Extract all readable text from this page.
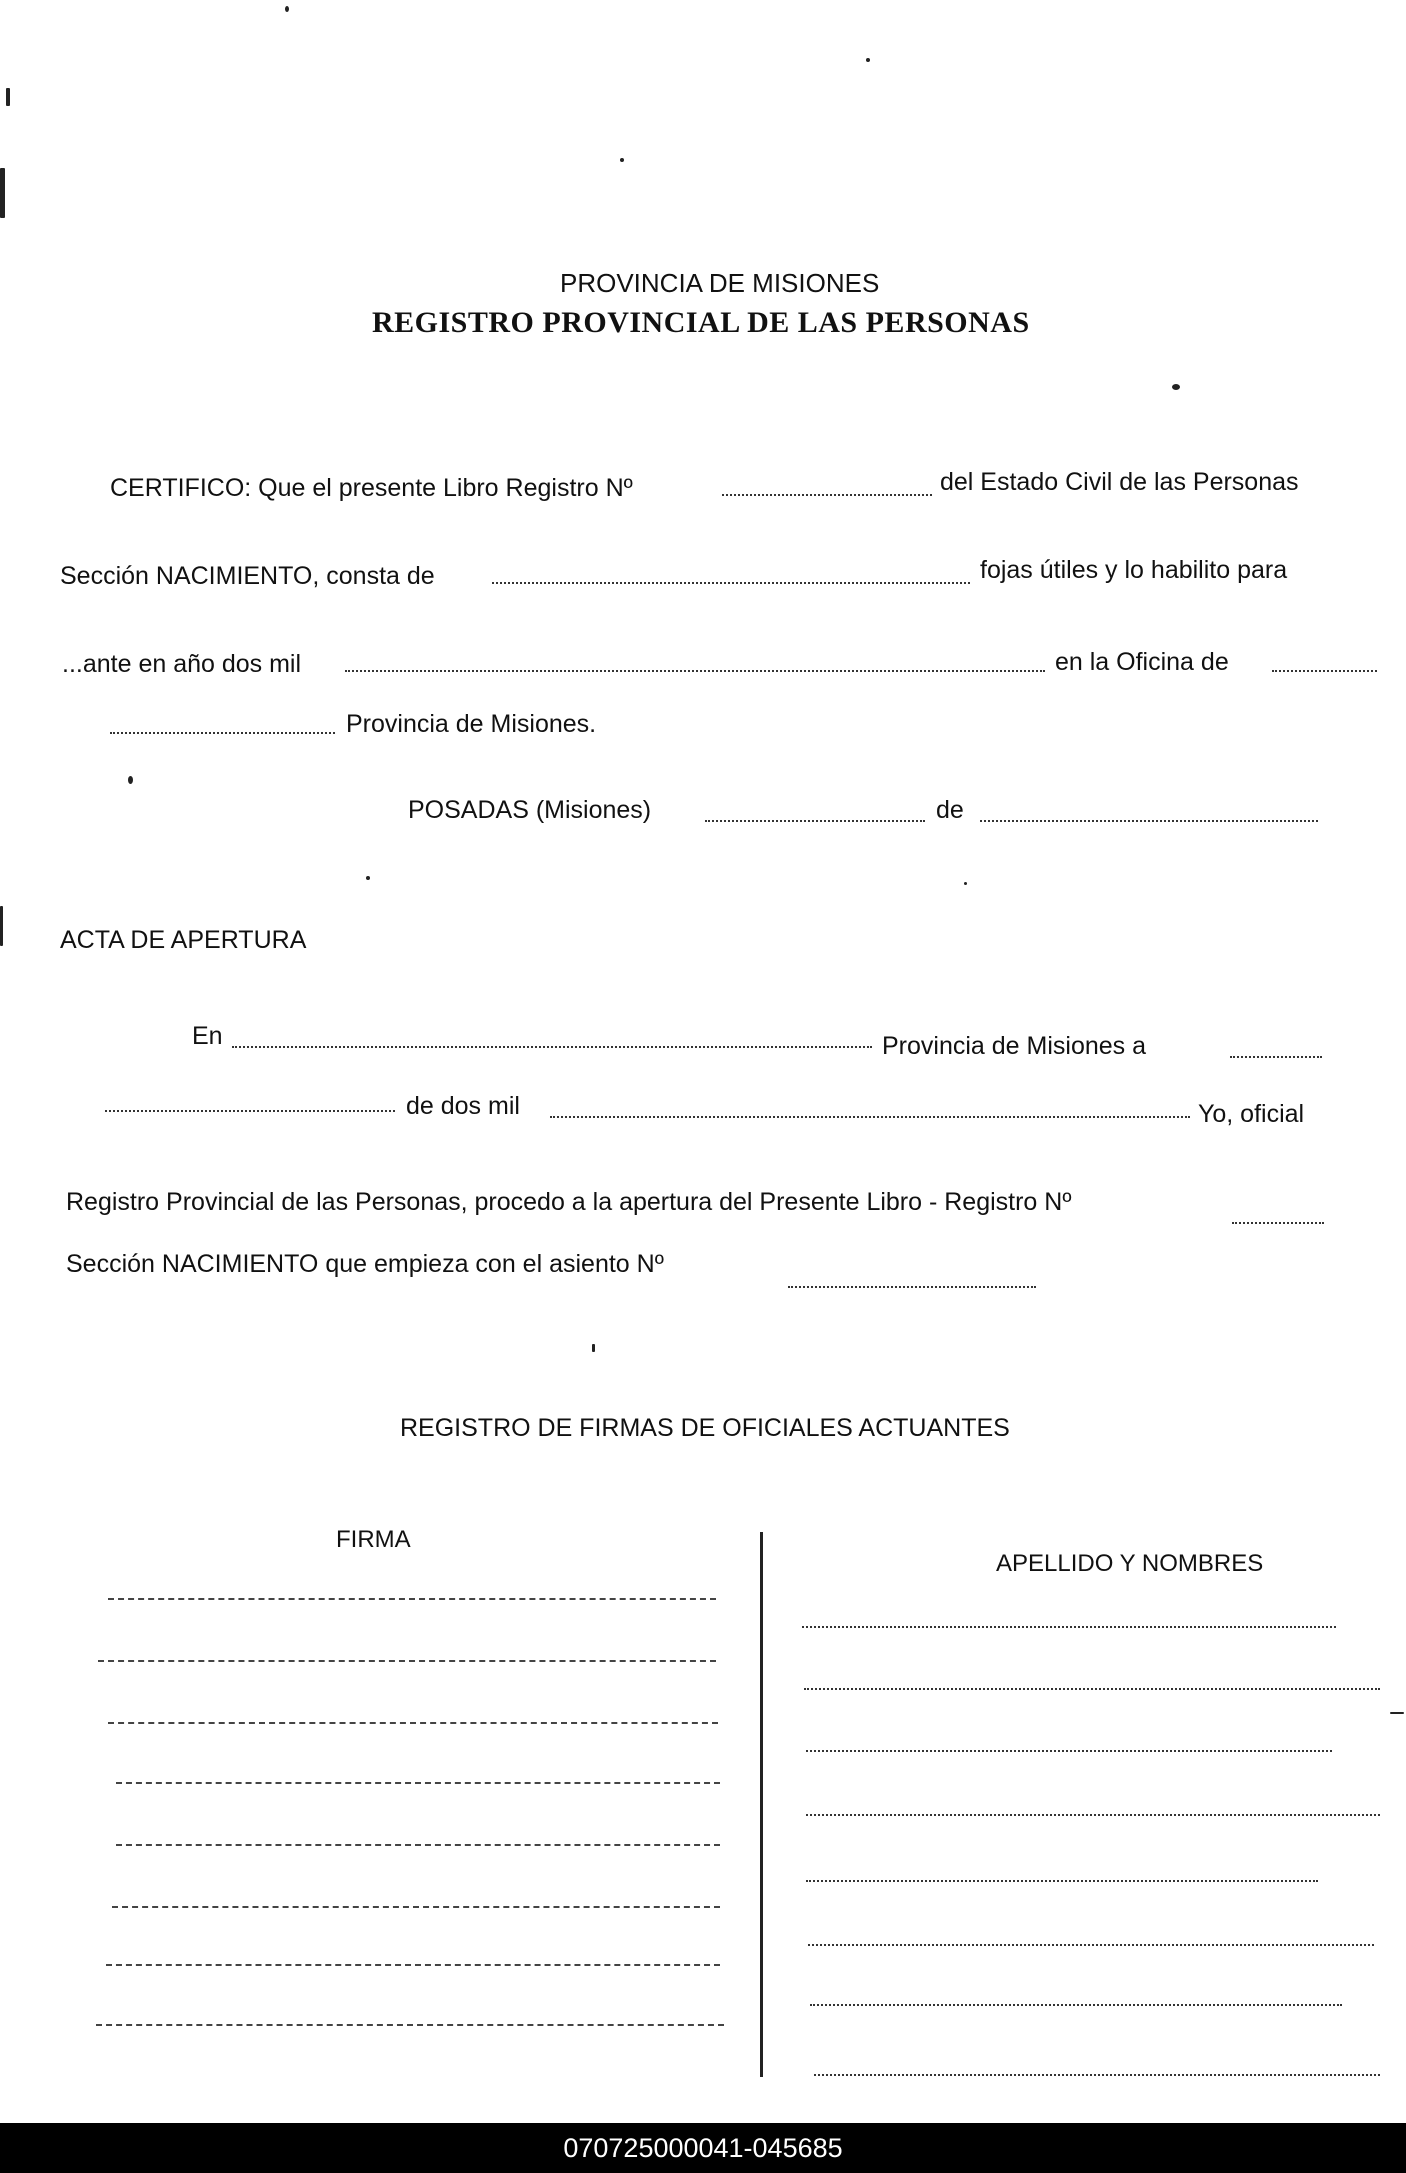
PROVINCIA DE MISIONES
REGISTRO PROVINCIAL DE LAS PERSONAS
CERTIFICO: Que el presente Libro Registro Nº	del Estado Civil de las Personas
Sección NACIMIENTO, consta de	fojas útiles y lo habilito para
...ante en año dos mil	en la Oficina de
Provincia de Misiones.
POSADAS (Misiones)	de
ACTA DE APERTURA
En	Provincia de Misiones a
de dos mil	Yo, oficial
Registro Provincial de las Personas, procedo a la apertura del Presente Libro - Registro Nº
Sección NACIMIENTO que empieza con el asiento Nº
REGISTRO DE FIRMAS DE OFICIALES ACTUANTES
FIRMA
APELLIDO Y NOMBRES
070725000041-045685
